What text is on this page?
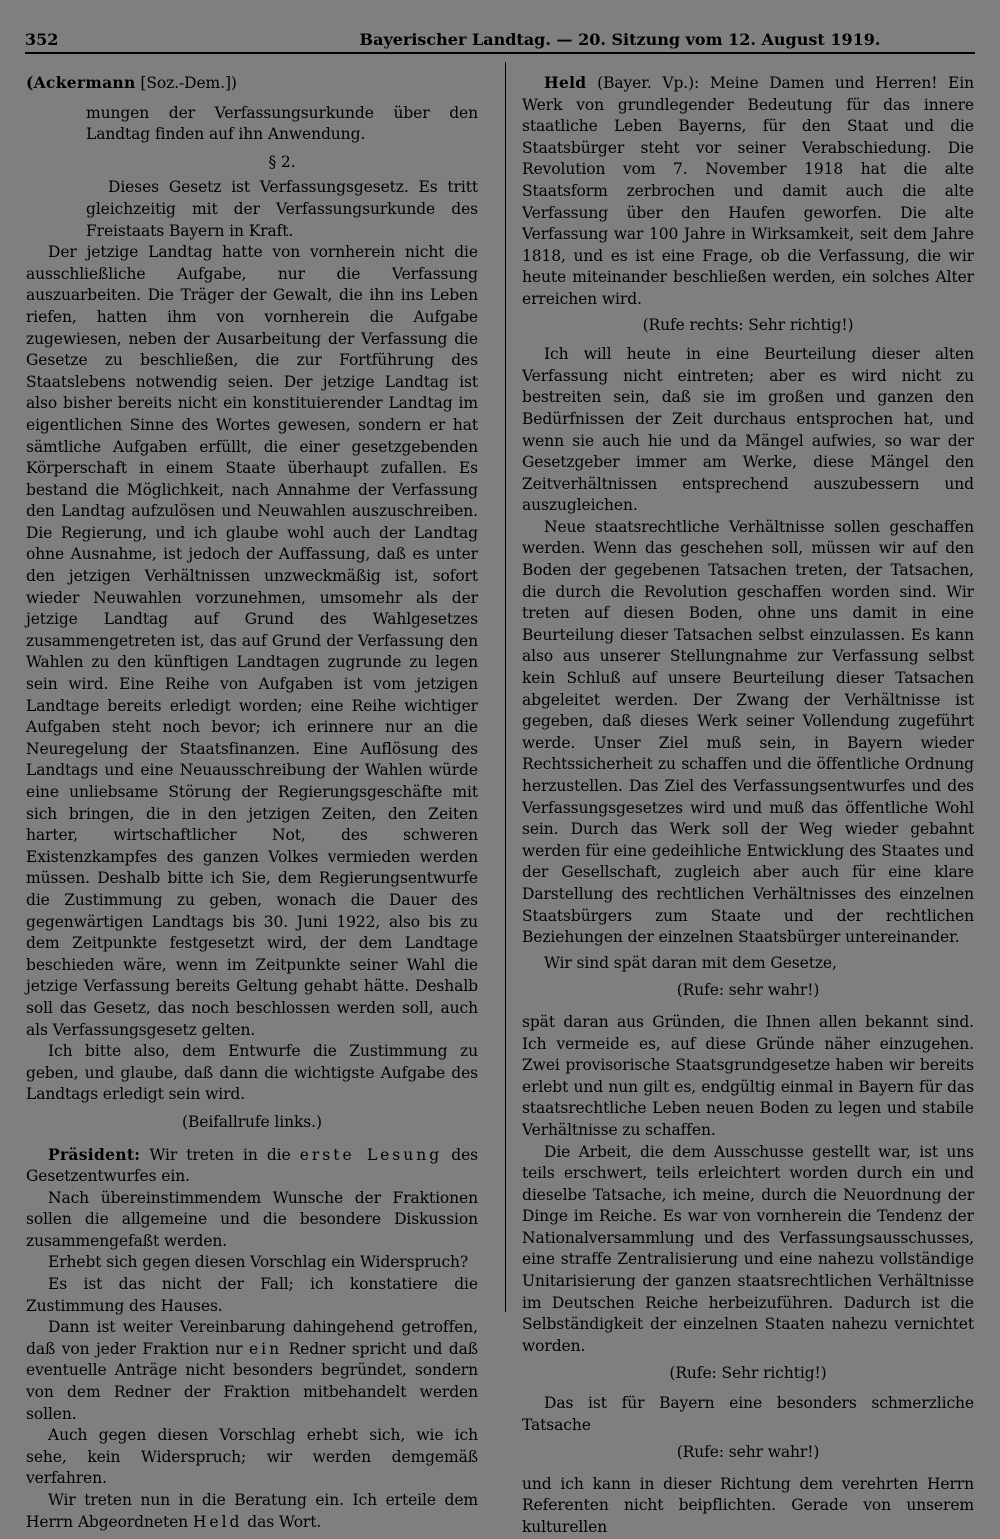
352	Bayerischer Landtag. — 20. Sitzung vom 12. August 1919.

(Ackermann [Soz.-Dem.])

mungen der Verfassungsurkunde über den Landtag finden auf ihn Anwendung.

§ 2.

Dieses Gesetz ist Verfassungsgesetz. Es tritt gleichzeitig mit der Verfassungsurkunde des Freistaats Bayern in Kraft.

Der jetzige Landtag hatte von vornherein nicht die ausschließliche Aufgabe, nur die Verfassung auszuarbeiten. Die Träger der Gewalt, die ihn ins Leben riefen, hatten ihm von vornherein die Aufgabe zugewiesen, neben der Ausarbeitung der Verfassung die Gesetze zu beschließen, die zur Fortführung des Staatslebens notwendig seien. Der jetzige Landtag ist also bisher bereits nicht ein konstituierender Landtag im eigentlichen Sinne des Wortes gewesen, sondern er hat sämtliche Aufgaben erfüllt, die einer gesetzgebenden Körperschaft in einem Staate überhaupt zufallen. Es bestand die Möglichkeit, nach Annahme der Verfassung den Landtag aufzulösen und Neuwahlen auszuschreiben. Die Regierung, und ich glaube wohl auch der Landtag ohne Ausnahme, ist jedoch der Auffassung, daß es unter den jetzigen Verhältnissen unzweckmäßig ist, sofort wieder Neuwahlen vorzunehmen, umsomehr als der jetzige Landtag auf Grund des Wahlgesetzes zusammengetreten ist, das auf Grund der Verfassung den Wahlen zu den künftigen Landtagen zugrunde zu legen sein wird. Eine Reihe von Aufgaben ist vom jetzigen Landtage bereits erledigt worden; eine Reihe wichtiger Aufgaben steht noch bevor; ich erinnere nur an die Neuregelung der Staatsfinanzen. Eine Auflösung des Landtags und eine Neuausschreibung der Wahlen würde eine unliebsame Störung der Regierungsgeschäfte mit sich bringen, die in den jetzigen Zeiten, den Zeiten harter, wirtschaftlicher Not, des schweren Existenzkampfes des ganzen Volkes vermieden werden müssen. Deshalb bitte ich Sie, dem Regierungsentwurfe die Zustimmung zu geben, wonach die Dauer des gegenwärtigen Landtags bis 30. Juni 1922, also bis zu dem Zeitpunkte festgesetzt wird, der dem Landtage beschieden wäre, wenn im Zeitpunkte seiner Wahl die jetzige Verfassung bereits Geltung gehabt hätte. Deshalb soll das Gesetz, das noch beschlossen werden soll, auch als Verfassungsgesetz gelten.

Ich bitte also, dem Entwurfe die Zustimmung zu geben, und glaube, daß dann die wichtigste Aufgabe des Landtags erledigt sein wird.

(Beifallrufe links.)

Präsident: Wir treten in die erste Lesung des Gesetzentwurfes ein.

Nach übereinstimmendem Wunsche der Fraktionen sollen die allgemeine und die besondere Diskussion zusammengefaßt werden.

Erhebt sich gegen diesen Vorschlag ein Widerspruch?

Es ist das nicht der Fall; ich konstatiere die Zustimmung des Hauses.

Dann ist weiter Vereinbarung dahingehend getroffen, daß von jeder Fraktion nur ein Redner spricht und daß eventuelle Anträge nicht besonders begründet, sondern von dem Redner der Fraktion mitbehandelt werden sollen.

Auch gegen diesen Vorschlag erhebt sich, wie ich sehe, kein Widerspruch; wir werden demgemäß verfahren.

Wir treten nun in die Beratung ein. Ich erteile dem Herrn Abgeordneten Held das Wort.

Held (Bayer. Vp.): Meine Damen und Herren! Ein Werk von grundlegender Bedeutung für das innere staatliche Leben Bayerns, für den Staat und die Staatsbürger steht vor seiner Verabschiedung. Die Revolution vom 7. November 1918 hat die alte Staatsform zerbrochen und damit auch die alte Verfassung über den Haufen geworfen. Die alte Verfassung war 100 Jahre in Wirksamkeit, seit dem Jahre 1818, und es ist eine Frage, ob die Verfassung, die wir heute miteinander beschließen werden, ein solches Alter erreichen wird.

(Rufe rechts: Sehr richtig!)

Ich will heute in eine Beurteilung dieser alten Verfassung nicht eintreten; aber es wird nicht zu bestreiten sein, daß sie im großen und ganzen den Bedürfnissen der Zeit durchaus entsprochen hat, und wenn sie auch hie und da Mängel aufwies, so war der Gesetzgeber immer am Werke, diese Mängel den Zeitverhältnissen entsprechend auszubessern und auszugleichen.

Neue staatsrechtliche Verhältnisse sollen geschaffen werden. Wenn das geschehen soll, müssen wir auf den Boden der gegebenen Tatsachen treten, der Tatsachen, die durch die Revolution geschaffen worden sind. Wir treten auf diesen Boden, ohne uns damit in eine Beurteilung dieser Tatsachen selbst einzulassen. Es kann also aus unserer Stellungnahme zur Verfassung selbst kein Schluß auf unsere Beurteilung dieser Tatsachen abgeleitet werden. Der Zwang der Verhältnisse ist gegeben, daß dieses Werk seiner Vollendung zugeführt werde. Unser Ziel muß sein, in Bayern wieder Rechtssicherheit zu schaffen und die öffentliche Ordnung herzustellen. Das Ziel des Verfassungsentwurfes und des Verfassungsgesetzes wird und muß das öffentliche Wohl sein. Durch das Werk soll der Weg wieder gebahnt werden für eine gedeihliche Entwicklung des Staates und der Gesellschaft, zugleich aber auch für eine klare Darstellung des rechtlichen Verhältnisses des einzelnen Staatsbürgers zum Staate und der rechtlichen Beziehungen der einzelnen Staatsbürger untereinander.

Wir sind spät daran mit dem Gesetze,

(Rufe: sehr wahr!)

spät daran aus Gründen, die Ihnen allen bekannt sind. Ich vermeide es, auf diese Gründe näher einzugehen. Zwei provisorische Staatsgrundgesetze haben wir bereits erlebt und nun gilt es, endgültig einmal in Bayern für das staatsrechtliche Leben neuen Boden zu legen und stabile Verhältnisse zu schaffen.

Die Arbeit, die dem Ausschusse gestellt war, ist uns teils erschwert, teils erleichtert worden durch ein und dieselbe Tatsache, ich meine, durch die Neuordnung der Dinge im Reiche. Es war von vornherein die Tendenz der Nationalversammlung und des Verfassungsausschusses, eine straffe Zentralisierung und eine nahezu vollständige Unitarisierung der ganzen staatsrechtlichen Verhältnisse im Deutschen Reiche herbeizuführen. Dadurch ist die Selbständigkeit der einzelnen Staaten nahezu vernichtet worden.

(Rufe: Sehr richtig!)

Das ist für Bayern eine besonders schmerzliche Tatsache

(Rufe: sehr wahr!)

und ich kann in dieser Richtung dem verehrten Herrn Referenten nicht beipflichten. Gerade von unserem kulturellen
